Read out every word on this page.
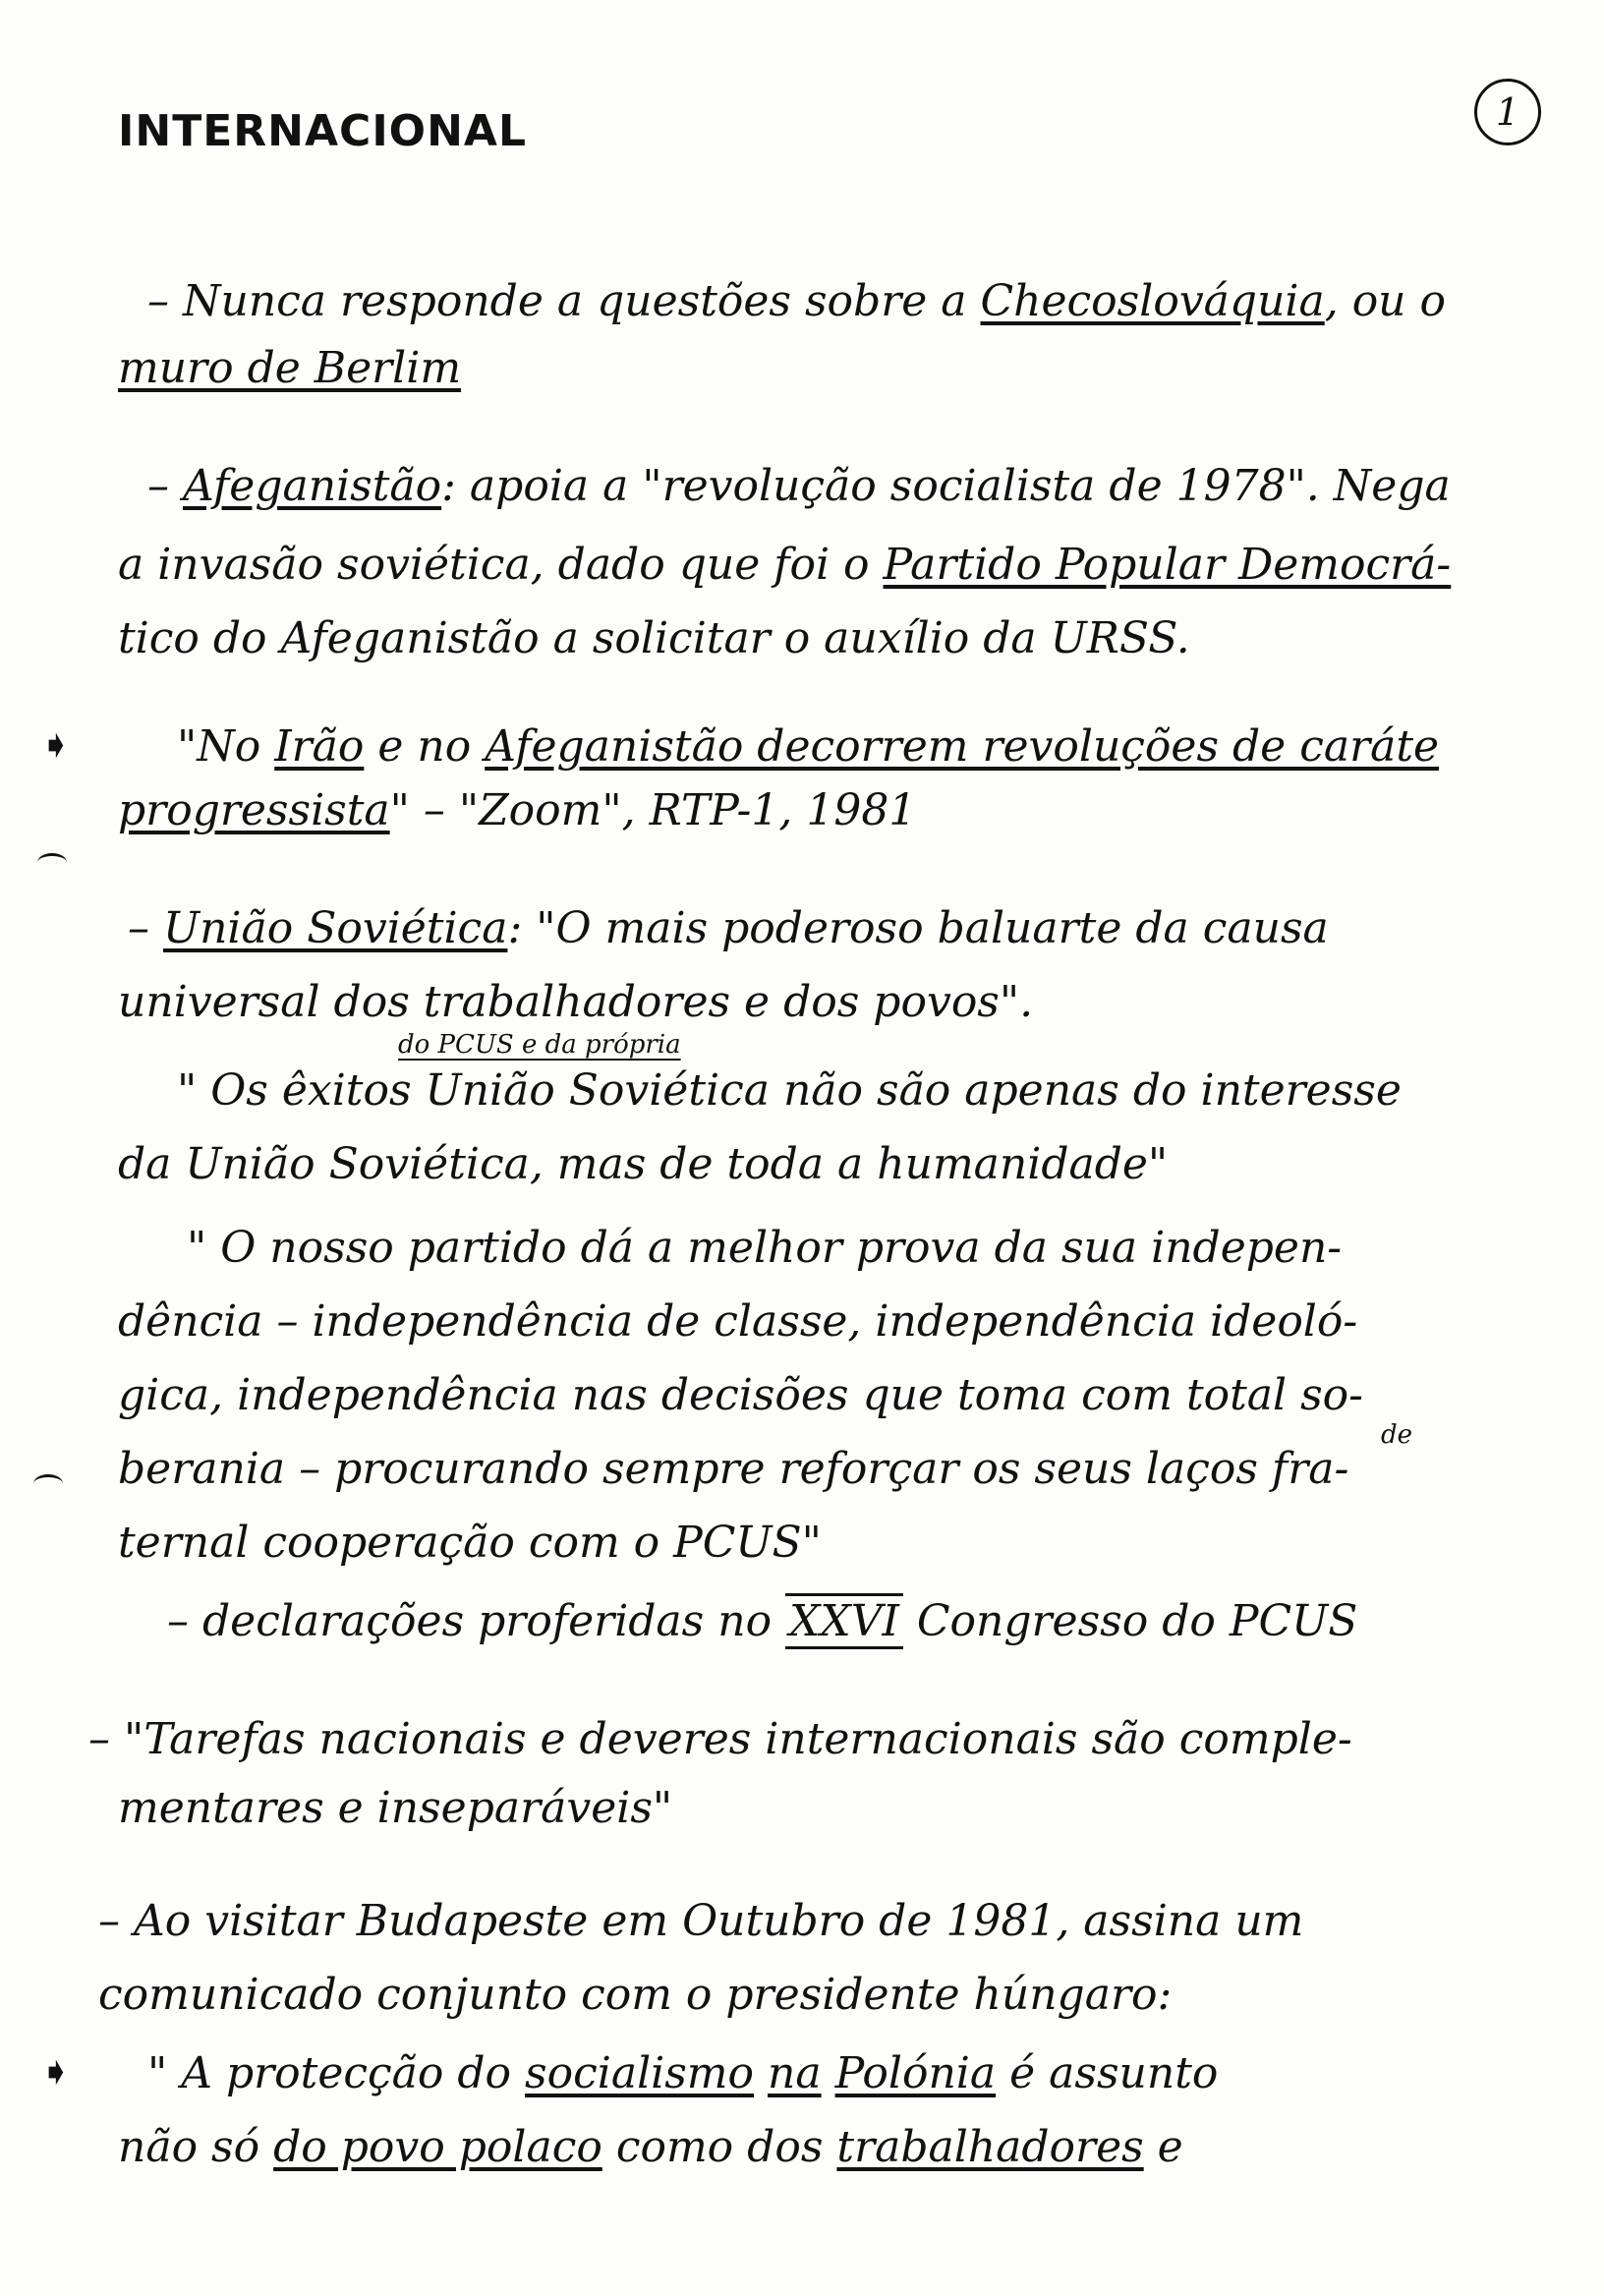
INTERNACIONAL	1
– Nunca responde a questões sobre a Checoslováquia, ou o
muro de Berlim
– Afeganistão: apoia a "revolução socialista de 1978". Nega
a invasão soviética, dado que foi o Partido Popular Democrá-
tico do Afeganistão a solicitar o auxílio da URSS.
➧ "No Irão e no Afeganistão decorrem revoluções de caráte
progressista" – "Zoom", RTP-1, 1981
– União Soviética: "O mais poderoso baluarte da causa
universal dos trabalhadores e dos povos".
do PCUS e da própria
" Os êxitos União Soviética não são apenas do interesse
da União Soviética, mas de toda a humanidade"
" O nosso partido dá a melhor prova da sua indepen-
dência – independência de classe, independência ideoló-
gica, independência nas decisões que toma com total so-
de
berania – procurando sempre reforçar os seus laços fra-
ternal cooperação com o PCUS"
– declarações proferidas no XXVI Congresso do PCUS
– "Tarefas nacionais e deveres internacionais são comple-
mentares e inseparáveis"
– Ao visitar Budapeste em Outubro de 1981, assina um
comunicado conjunto com o presidente húngaro:
➧ " A protecção do socialismo na Polónia é assunto
não só do povo polaco como dos trabalhadores e
